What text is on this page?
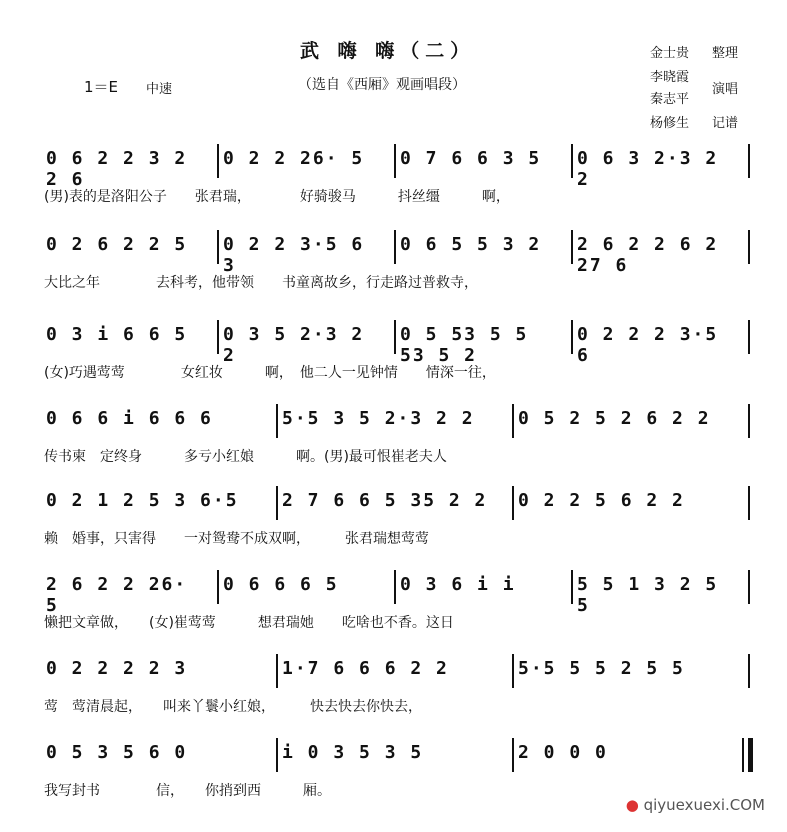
武 嗨 嗨（二）
（选自《西厢》观画唱段）
1＝E 中速
金士贵 整理
李晓霞
秦志平
演唱
杨修生 记谱
0 6 2 2 3 2 2 6
0 2 2 26· 5	0 7 6 6 3 5	0 6 3 2·3 2 2
(男)表的是洛阳公子　　张君瑞，　　　　好骑骏马　　　抖丝缰　　　啊，
0 2 6 2 2 5	0 2 2 3·5 6 3
0 6 5 5 3 2	2 6 2 2 6 2 27 6
大比之年　　　　去科考，他带领　　书童离故乡，行走路过普救寺，
0 3 i 6 6 5	0 3 5 2·3 2 2
0 5 53 5 5 53 5 2
0 2 2 2 3·5 6
(女)巧遇莺莺　　　　女红妆　　　啊，　他二人一见钟情　　情深一往，
0 6 6 i 6 6 6	5·5 3 5 2·3 2 2	0 5 2 5 2 6 2 2
传书柬　定终身　　　多亏小红娘　　　啊。(男)最可恨崔老夫人
0 2 1 2 5 3 6·5	2 7 6 6 5 35 2 2	0 2 2 5 6 2 2
赖　婚事，只害得　　一对鸳鸯不成双啊，　　　张君瑞想莺莺
2 6 2 2 26· 5
0 6 6 6 5	0 3 6 i i	5 5 1 3 2 5 5
懒把文章做，　　(女)崔莺莺　　　想君瑞她　　吃啥也不香。这日
0 2 2 2 2 3	1·7 6 6 6 2 2	5·5 5 5 2 5 5
莺　莺清晨起，　　叫来丫鬟小红娘，　　　快去快去你快去，
0 5 3 5 6 0	i 0 3 5 3 5	2 0 0 0
我写封书　　　　信，　　你捎到西　　　厢。
● qiyuexuexi.COM
